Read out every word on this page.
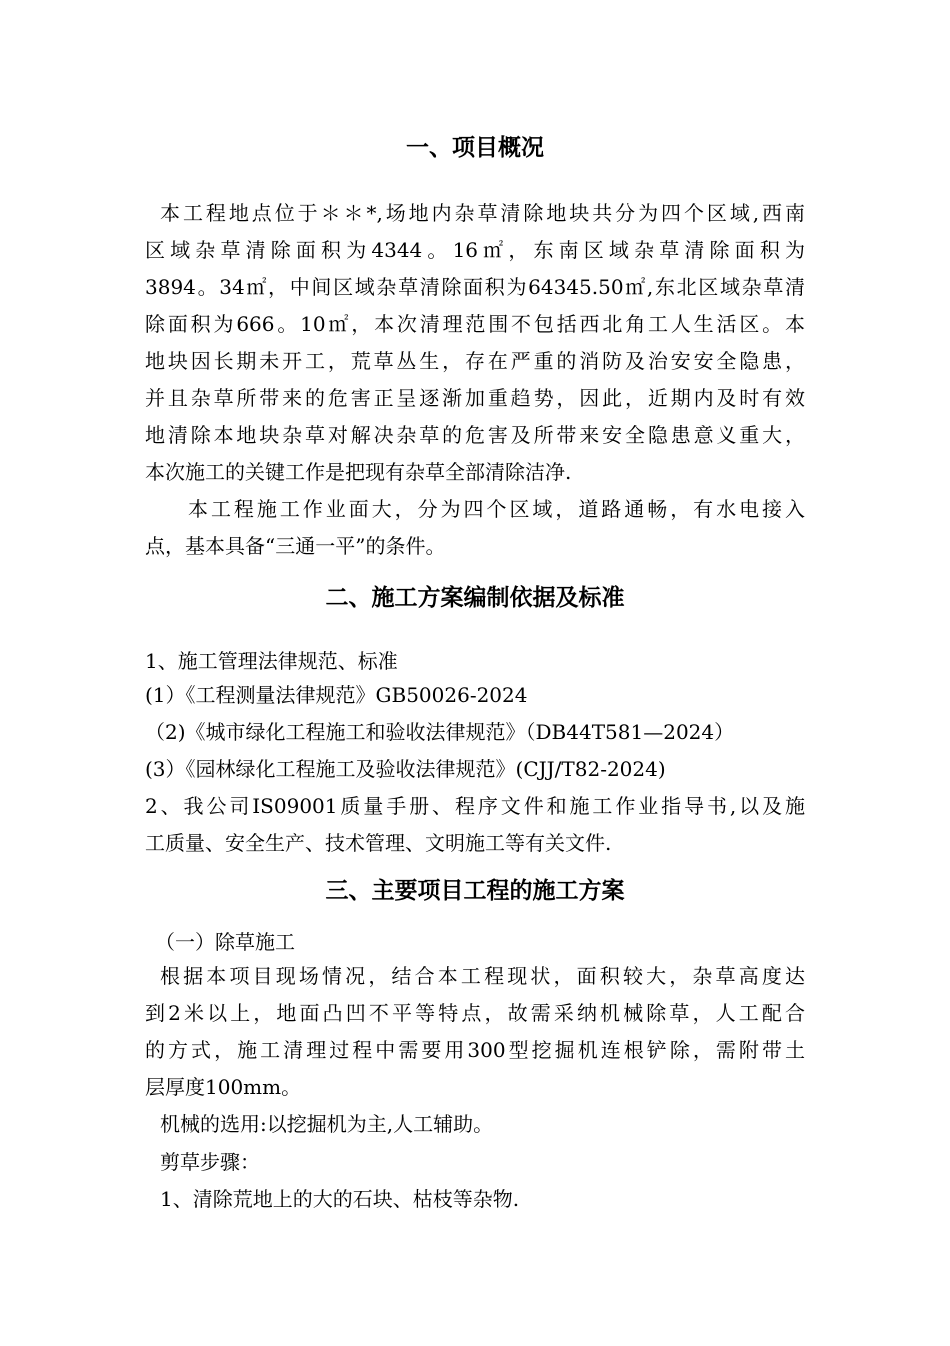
一、项目概况
本工程地点位于＊＊*,场地内杂草清除地块共分为四个区域,西南
区域杂草清除面积为4344。16㎡，东南区域杂草清除面积为
3894。34㎡，中间区域杂草清除面积为64345.50㎡,东北区域杂草清
除面积为666。10㎡，本次清理范围不包括西北角工人生活区。本
地块因长期未开工，荒草丛生，存在严重的消防及治安安全隐患，
并且杂草所带来的危害正呈逐渐加重趋势，因此，近期内及时有效
地清除本地块杂草对解决杂草的危害及所带来安全隐患意义重大，
本次施工的关键工作是把现有杂草全部清除洁净.
本工程施工作业面大，分为四个区域，道路通畅，有水电接入
点，基本具备“三通一平”的条件。
二、施工方案编制依据及标准
1、施工管理法律规范、标准
(1）《工程测量法律规范》GB50026-2024
（2)《城市绿化工程施工和验收法律规范》（DB44T581—2024）
(3）《园林绿化工程施工及验收法律规范》(CJJ/T82-2024)
2、我公司IS09001质量手册、程序文件和施工作业指导书,以及施
工质量、安全生产、技术管理、文明施工等有关文件.
三、主要项目工程的施工方案
（一）除草施工
根据本项目现场情况，结合本工程现状，面积较大，杂草高度达
到2米以上，地面凸凹不平等特点，故需采纳机械除草，人工配合
的方式，施工清理过程中需要用300型挖掘机连根铲除，需附带土
层厚度100mm。
机械的选用:以挖掘机为主,人工辅助。
剪草步骤：
1、清除荒地上的大的石块、枯枝等杂物.
